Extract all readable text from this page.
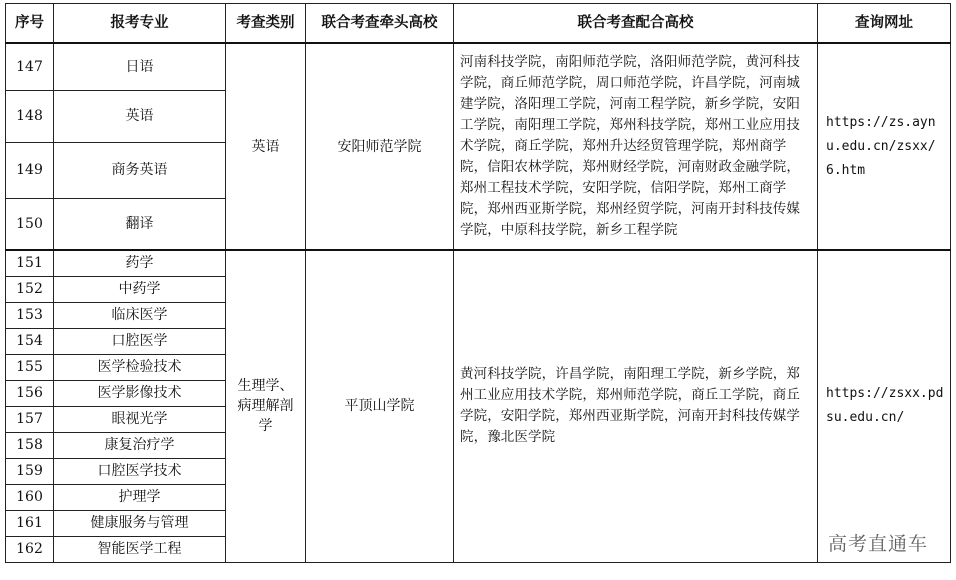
序号	报考专业	考查类别	联合考查牵头高校	联合考查配合高校	查询网址
147	日语	英语	安阳师范学院	河南科技学院，南阳师范学院，洛阳师范学院，黄河科技学院，商丘师范学院，周口师范学院，许昌学院，河南城建学院，洛阳理工学院，河南工程学院，新乡学院，安阳工学院，南阳理工学院，郑州科技学院，郑州工业应用技术学院，商丘学院，郑州升达经贸管理学院，郑州商学院，信阳农林学院，郑州财经学院，河南财政金融学院，郑州工程技术学院，安阳学院，信阳学院，郑州工商学院，郑州西亚斯学院，郑州经贸学院，河南开封科技传媒学院，中原科技学院，新乡工程学院	https://zs.aynu.edu.cn/zsxx/6.htm
148	英语				
149	商务英语				
150	翻译				
151	药学	生理学、病理解剖学	平顶山学院	黄河科技学院，许昌学院，南阳理工学院，新乡学院，郑州工业应用技术学院，郑州师范学院，商丘工学院，商丘学院，安阳学院，郑州西亚斯学院，河南开封科技传媒学院，豫北医学院	https://zsxx.pdsu.edu.cn/
152	中药学				
153	临床医学				
154	口腔医学				
155	医学检验技术				
156	医学影像技术				
157	眼视光学				
158	康复治疗学				
159	口腔医学技术				
160	护理学				
161	健康服务与管理				
162	智能医学工程					高考直通车
